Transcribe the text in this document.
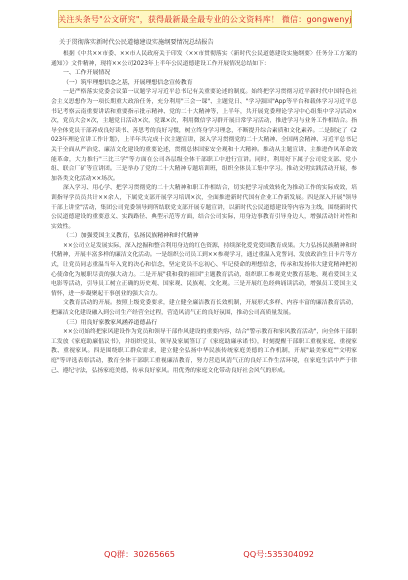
关注头条号"公文研究"，获得最新最全最专业的公文资料库！ 微信：gongwenyj
关于贯彻落实新时代公民道德建设实施纲要情况总结报告

根据《中共××市委、××市人民政府关于印发〈××市贯彻落实〈新时代公民道德建设实施纲要〉任务分工方案的通知〉》文件精神，现将××公司2023年上半年公民道德建设工作开展情况总结如下：

一、工作开展情况

（一）筑牢理想信念之基，开展理想信念宣传教育

一是严格落实党委会议第一议题学习习近平总书记有关重要论述的制度。始终把学习贯彻习近平新时代中国特色社会主义思想作为一项长期重大政治任务，充分利用"三会一课"、主题党日、"学习强国"App等平台和载体学习习近平总书记考察云南重要讲话和重要指示批示精神、党的二十大精神等，上半年，共开展党委理论学习中心组集中学习活动×次，党员大会×次，主题党日活动×次，党课×次，利用微信学习群开展日常学习活动，推进学习与业务工作相结合。指导全体党员干部养成良好读书、善思考的良好习惯，树立终身学习理念，不断提升综合素质和文化素养。二是制定了《2023年理论宣讲工作计划》，上半年共完成十次主题宣讲，深入学习贯彻党的二十大精神、全国两会精神、习近平总书记关于全面从严治党、廉洁文化建设的重要论述，贯彻总体国家安全观和十大精神。推动从主题宣讲、主推进作风革命效能革命，大力推行"三比三学"等方面在公司各层级全体干部职工中进行宣讲。同时，利用好下属子公司党支部、党小组、联合厂矿等宣讲团。三是举办了党的二十大精神专题培训班，组织全体员工集中学习。推动文明实践活动开展，参加各类文化活动××场次。

深入学习、用心学、把学习贯彻党的二十大精神和职工作相结合，切实把学习成效转化为推动工作的实际成效，培训指导学员员共计××余人，下属党支部开展学习培训×次，全面推进新时代国有企业工作新发展。四是深入开展"领导干部上讲堂"活动，集团公司党委领导到所结联党支部开展专题宣讲，以新时代公民道德建设等内容为主线，围绕新时代公民道德建设的重要意义、实践路径、典型示范等方面，结合公司实际，用身边事教育引导身边人，增强活动针对性和实效性。

（二）加强爱国主义教育，弘扬民族精神和时代精神

××公司立足发展实际，深入挖掘和整合利用身边的红色资源，持续深化爱党爱国教育成果。大力弘扬民族精神和时代精神，开展丰富多样的廉洁文化活动。一是组织公司员工到××参观学习，通过重温入党誓词、发放政治生日卡片等方式，让党员同志重温当年入党的决心和信念，坚定党员不忘初心、牢记使命的理想信念，传承和发扬伟大建党精神把初心使命化为履职尽责的强大动力。二是开展"我和我的祖国"主题教育活动，组织职工参观党史教育基地、观看爱国主义电影等活动，引导员工树立正确的历史观、国家观、民族观、文化观。三是开展红色经典诵读活动，增强员工爱国主义情怀，进一步凝聚起干事创业的强大合力。

文教育活动的开展。按照上级党委要求，建立健全廉洁教育长效机制，开展形式多样、内容丰富的廉洁教育活动，把廉洁文化建设融入到公司生产经营全过程，营造风清气正的良好氛围，推动公司高质量发展。

（三）用良好家教家风涵养道德品行

××公司始终把家风建设作为党员和领导干部作风建设的重要内容，结合"警示教育和家风教育活动"，向全体干部职工发放《家庭助廉倡议书》，并组织党员、领导及家属签订了《家庭助廉承诺书》，时刻提醒干部职工重视家庭、重视家教、重视家风。四是围绕职工群众需求，建立健全弘扬中华民族传统家庭美德的工作机制，开展"最美家庭""文明家庭"等评选表彰活动，教育全体干部职工重视廉洁教育，努力营造风清气正的良好工作生活环境，在家庭生活中严于律己、遵纪守法，弘扬家庭美德，传承良好家风。用优秀的家庭文化带动良好社会风气的形成。

QQ群：30265665	QQ号:535304092
